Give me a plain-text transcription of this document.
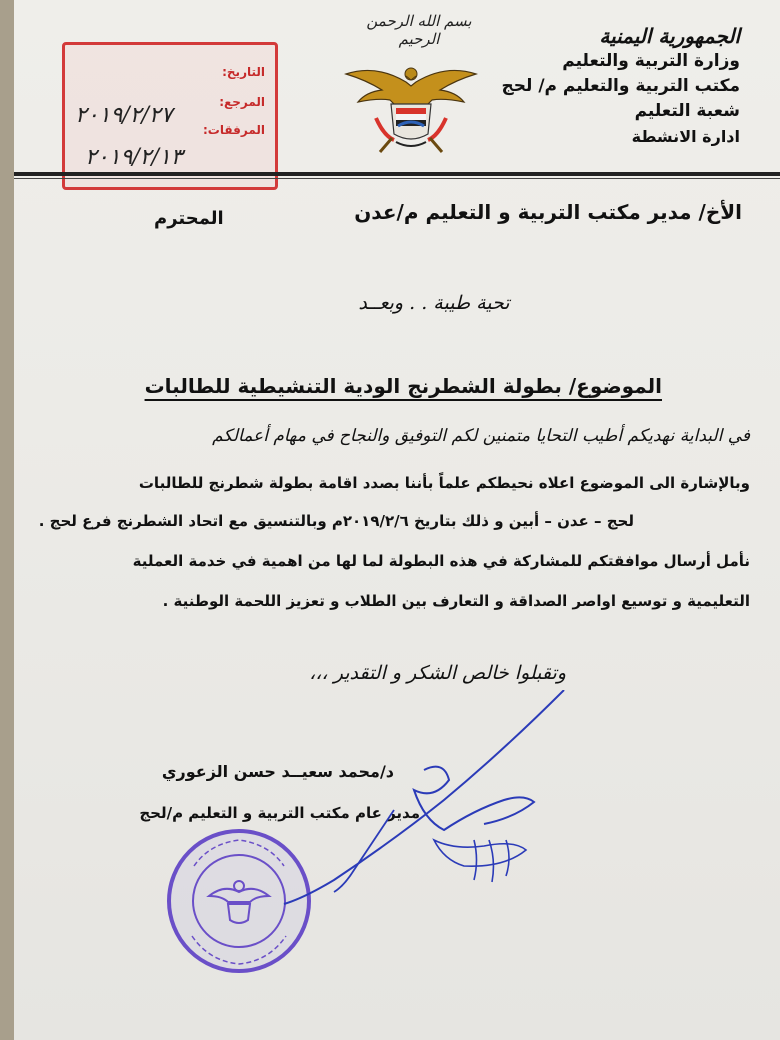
بسم الله الرحمن الرحيم	الجمهورية اليمنية
وزارة التربية والتعليم
مكتب التربية والتعليم م/ لحج
شعبة التعليم
ادارة الانشطة
التاريخ:
المرجع:
المرفقات:
٢٠١٩/٢/٢٧
٢٠١٩/٢/١٣
الأخ/ مدير مكتب التربية و التعليم م/عدن
المحترم
تحية طيبة . . وبعــد
الموضوع/ بطولة الشطرنج الودية التنشيطية للطالبات
في البداية نهديكم أطيب التحايا متمنين لكم التوفيق والنجاح في مهام أعمالكم
وبالإشارة الى الموضوع اعلاه نحيطكم علماً بأننا بصدد اقامة بطولة شطرنج للطالبات
لحج – عدن – أبين و ذلك بتاريخ ٢٠١٩/٢/٦م وبالتنسيق مع اتحاد الشطرنج فرع لحج .
نأمل أرسال موافقتكم للمشاركة في هذه البطولة لما لها من اهمية في خدمة العملية
التعليمية و توسيع اواصر الصداقة و التعارف بين الطلاب و تعزيز اللحمة الوطنية .
وتقبلوا خالص الشكر و التقدير ،،،
د/محمد سعيــد حسن الزعوري
مدير عام مكتب التربية و التعليم م/لحج
